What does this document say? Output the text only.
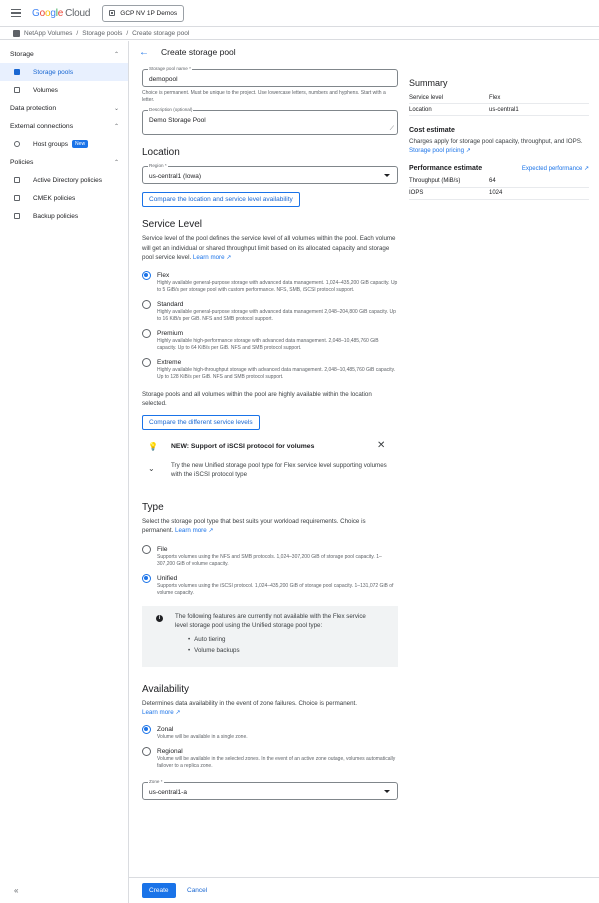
Google Cloud	GCP NV 1P Demos
NetApp Volumes / Storage pools / Create storage pool
Storage	⌃
Storage pools
Volumes
Data protection	⌄
External connections	⌃
Host groups	New
Policies	⌃
Active Directory policies
CMEK policies
Backup policies
«
← Create storage pool
Storage pool name *
demopool
Choice is permanent. Must be unique to the project. Use lowercase letters, numbers and hyphens. Start with a letter.
Description (optional)
Demo Storage Pool
⟋
Location
Region *
us-central1 (Iowa)
Compare the location and service level availability
Service Level
Service level of the pool defines the service level of all volumes within the pool. Each volume will get an individual or shared throughput limit based on its allocated capacity and storage pool service level. Learn more ↗
Flex
Highly available general-purpose storage with advanced data management. 1,024–435,200 GiB capacity. Up to 5 GiB/s per storage pool with custom performance. NFS, SMB, iSCSI protocol support.
Standard
Highly available general-purpose storage with advanced data management 2,048–204,800 GiB capacity. Up to 16 KiB/s per GiB. NFS and SMB protocol support.
Premium
Highly available high-performance storage with advanced data management. 2,048–10,485,760 GiB capacity. Up to 64 KiB/s per GiB. NFS and SMB protocol support.
Extreme
Highly available high-throughput storage with advanced data management. 2,048–10,485,760 GiB capacity. Up to 128 KiB/s per GiB. NFS and SMB protocol support.
Storage pools and all volumes within the pool are highly available within the location selected.
Compare the different service levels
💡 NEW: Support of iSCSI protocol for volumes	✕
⌄	Try the new Unified storage pool type for Flex service level supporting volumes with the iSCSI protocol type
Type
Select the storage pool type that best suits your workload requirements. Choice is permanent. Learn more ↗
File
Supports volumes using the NFS and SMB protocols. 1,024–307,200 GiB of storage pool capacity. 1–307,200 GiB of volume capacity.
Unified
Supports volumes using the iSCSI protocol. 1,024–435,200 GiB of storage pool capacity. 1–131,072 GiB of volume capacity.
i	The following features are currently not available with the Flex service level storage pool using the Unified storage pool type:
• Auto tiering
• Volume backups
Availability
Determines data availability in the event of zone failures. Choice is permanent.
Learn more ↗
Zonal
Volume will be available in a single zone.
Regional
Volume will be available in the selected zones. In the event of an active zone outage, volumes automatically failover to a replica zone.
Zone *
us-central1-a
Summary
Service level	Flex
Location	us-central1
Cost estimate
Charges apply for storage pool capacity, throughput, and IOPS.
Storage pool pricing ↗
Performance estimate	Expected performance ↗
Throughput (MiB/s)	64
IOPS	1024
Create	Cancel
